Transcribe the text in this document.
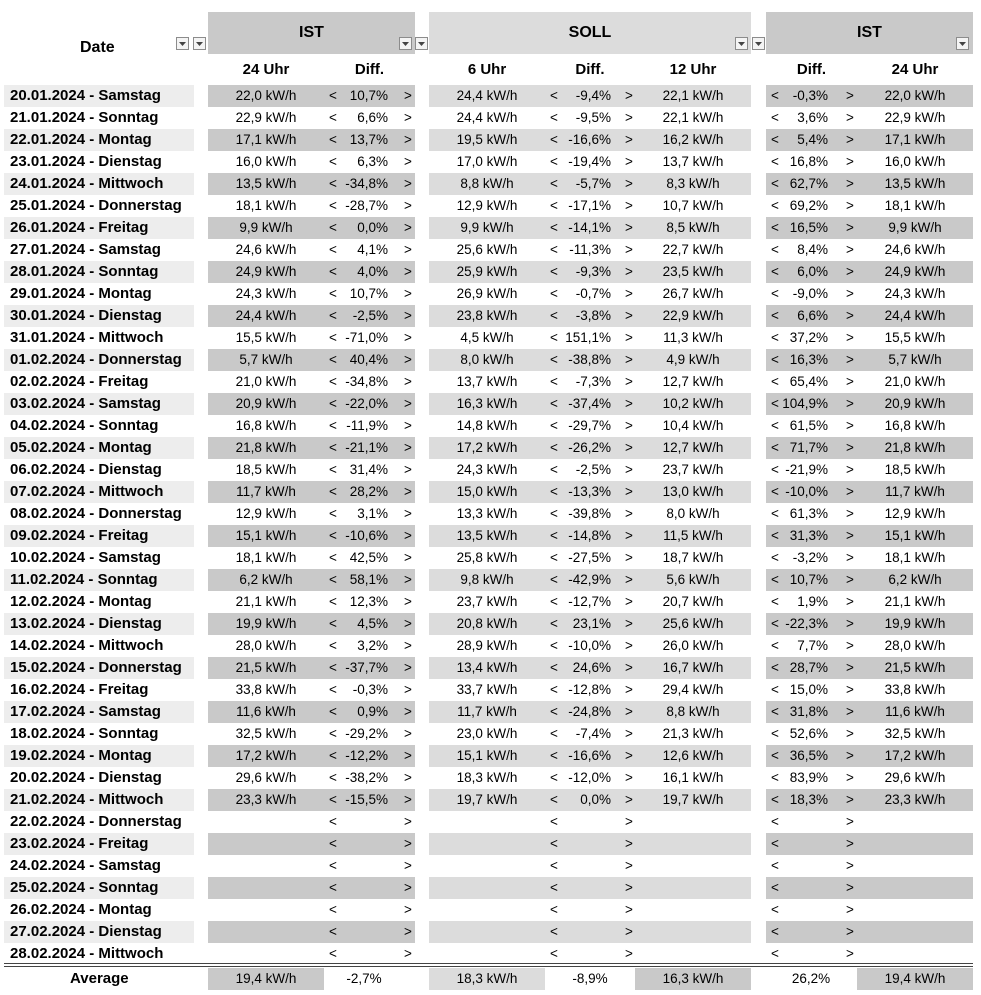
IST	SOLL	IST
Date
24 Uhr	Diff.	6 Uhr	Diff.	12 Uhr	Diff.	24 Uhr
20.01.2024 - Samstag	22,0 kW/h	< 10,7% >	24,4 kW/h	<	-9,4% >	22,1 kW/h	<	-0,3% >	22,0 kW/h
21.01.2024 - Sonntag	22,9 kW/h	<	6,6% >	24,4 kW/h	<	-9,5% >	22,1 kW/h	<	3,6% >	22,9 kW/h
22.01.2024 - Montag	17,1 kW/h	< 13,7% >	19,5 kW/h	< -16,6% >	16,2 kW/h	<	5,4% >	17,1 kW/h
23.01.2024 - Dienstag	16,0 kW/h	<	6,3% >	17,0 kW/h	< -19,4% >	13,7 kW/h	< 16,8% >	16,0 kW/h
24.01.2024 - Mittwoch	13,5 kW/h	< -34,8% >	8,8 kW/h	<	-5,7% >	8,3 kW/h	< 62,7% >	13,5 kW/h
25.01.2024 - Donnerstag	18,1 kW/h	< -28,7% >	12,9 kW/h	< -17,1% >	10,7 kW/h	< 69,2% >	18,1 kW/h
26.01.2024 - Freitag	9,9 kW/h	<	0,0% >	9,9 kW/h	< -14,1% >	8,5 kW/h	< 16,5% >	9,9 kW/h
27.01.2024 - Samstag	24,6 kW/h	<	4,1% >	25,6 kW/h	< -11,3% >	22,7 kW/h	<	8,4% >	24,6 kW/h
28.01.2024 - Sonntag	24,9 kW/h	<	4,0% >	25,9 kW/h	<	-9,3% >	23,5 kW/h	<	6,0% >	24,9 kW/h
29.01.2024 - Montag	24,3 kW/h	< 10,7% >	26,9 kW/h	<	-0,7% >	26,7 kW/h	<	-9,0% >	24,3 kW/h
30.01.2024 - Dienstag	24,4 kW/h	<	-2,5% >	23,8 kW/h	<	-3,8% >	22,9 kW/h	<	6,6% >	24,4 kW/h
31.01.2024 - Mittwoch	15,5 kW/h	< -71,0% >	4,5 kW/h	< 151,1% >	11,3 kW/h	< 37,2% >	15,5 kW/h
01.02.2024 - Donnerstag	5,7 kW/h	< 40,4% >	8,0 kW/h	< -38,8% >	4,9 kW/h	< 16,3% >	5,7 kW/h
02.02.2024 - Freitag	21,0 kW/h	< -34,8% >	13,7 kW/h	<	-7,3% >	12,7 kW/h	< 65,4% >	21,0 kW/h
03.02.2024 - Samstag	20,9 kW/h	< -22,0% >	16,3 kW/h	< -37,4% >	10,2 kW/h	< 104,9% >	20,9 kW/h
04.02.2024 - Sonntag	16,8 kW/h	< -11,9% >	14,8 kW/h	< -29,7% >	10,4 kW/h	< 61,5% >	16,8 kW/h
05.02.2024 - Montag	21,8 kW/h	< -21,1% >	17,2 kW/h	< -26,2% >	12,7 kW/h	< 71,7% >	21,8 kW/h
06.02.2024 - Dienstag	18,5 kW/h	< 31,4% >	24,3 kW/h	<	-2,5% >	23,7 kW/h	< -21,9% >	18,5 kW/h
07.02.2024 - Mittwoch	11,7 kW/h	< 28,2% >	15,0 kW/h	< -13,3% >	13,0 kW/h	< -10,0% >	11,7 kW/h
08.02.2024 - Donnerstag	12,9 kW/h	<	3,1% >	13,3 kW/h	< -39,8% >	8,0 kW/h	< 61,3% >	12,9 kW/h
09.02.2024 - Freitag	15,1 kW/h	< -10,6% >	13,5 kW/h	< -14,8% >	11,5 kW/h	< 31,3% >	15,1 kW/h
10.02.2024 - Samstag	18,1 kW/h	< 42,5% >	25,8 kW/h	< -27,5% >	18,7 kW/h	<	-3,2% >	18,1 kW/h
11.02.2024 - Sonntag	6,2 kW/h	< 58,1% >	9,8 kW/h	< -42,9% >	5,6 kW/h	< 10,7% >	6,2 kW/h
12.02.2024 - Montag	21,1 kW/h	< 12,3% >	23,7 kW/h	< -12,7% >	20,7 kW/h	<	1,9% >	21,1 kW/h
13.02.2024 - Dienstag	19,9 kW/h	<	4,5% >	20,8 kW/h	<	23,1% >	25,6 kW/h	< -22,3% >	19,9 kW/h
14.02.2024 - Mittwoch	28,0 kW/h	<	3,2% >	28,9 kW/h	< -10,0% >	26,0 kW/h	<	7,7% >	28,0 kW/h
15.02.2024 - Donnerstag	21,5 kW/h	< -37,7% >	13,4 kW/h	<	24,6% >	16,7 kW/h	< 28,7% >	21,5 kW/h
16.02.2024 - Freitag	33,8 kW/h	<	-0,3% >	33,7 kW/h	< -12,8% >	29,4 kW/h	< 15,0% >	33,8 kW/h
17.02.2024 - Samstag	11,6 kW/h	<	0,9% >	11,7 kW/h	< -24,8% >	8,8 kW/h	< 31,8% >	11,6 kW/h
18.02.2024 - Sonntag	32,5 kW/h	< -29,2% >	23,0 kW/h	<	-7,4% >	21,3 kW/h	< 52,6% >	32,5 kW/h
19.02.2024 - Montag	17,2 kW/h	< -12,2% >	15,1 kW/h	< -16,6% >	12,6 kW/h	< 36,5% >	17,2 kW/h
20.02.2024 - Dienstag	29,6 kW/h	< -38,2% >	18,3 kW/h	< -12,0% >	16,1 kW/h	< 83,9% >	29,6 kW/h
21.02.2024 - Mittwoch	23,3 kW/h	< -15,5% >	19,7 kW/h	<	0,0% >	19,7 kW/h	< 18,3% >	23,3 kW/h
22.02.2024 - Donnerstag	<	>	<	>	<	>
23.02.2024 - Freitag	<	>	<	>	<	>
24.02.2024 - Samstag	<	>	<	>	<	>
25.02.2024 - Sonntag	<	>	<	>	<	>
26.02.2024 - Montag	<	>	<	>	<	>
27.02.2024 - Dienstag	<	>	<	>	<	>
28.02.2024 - Mittwoch	<	>	<	>	<	>
Average	19,4 kW/h	-2,7%	18,3 kW/h	-8,9%	16,3 kW/h	26,2%	19,4 kW/h
